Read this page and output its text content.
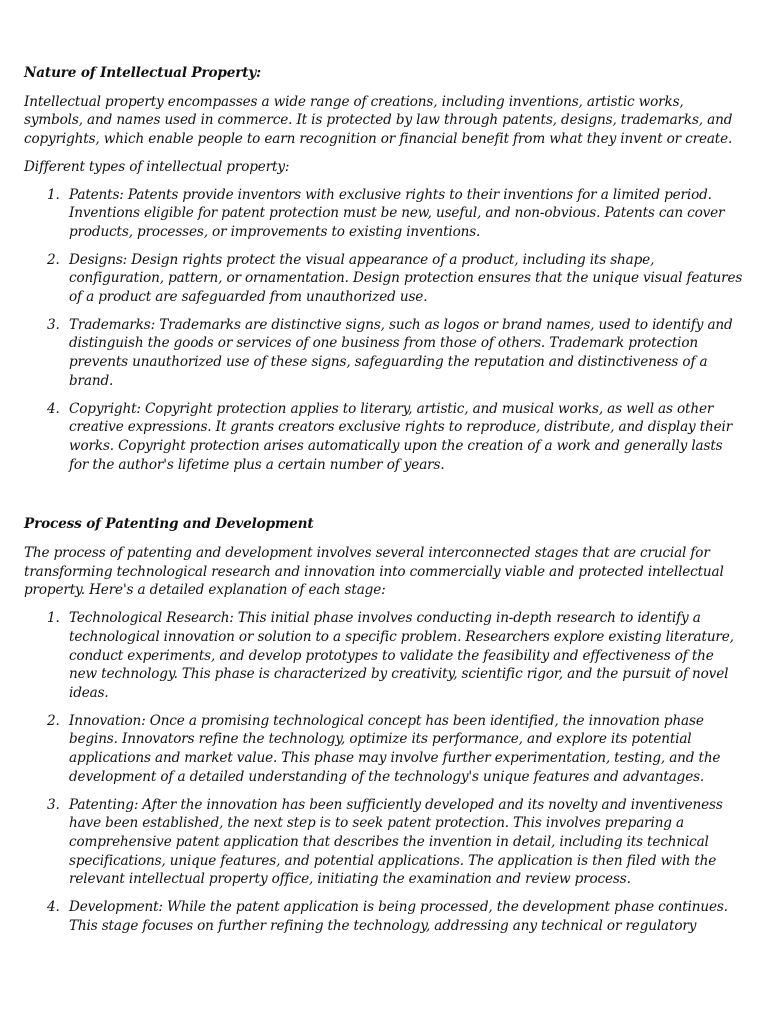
Nature of Intellectual Property:

Intellectual property encompasses a wide range of creations, including inventions, artistic works, symbols, and names used in commerce. It is protected by law through patents, designs, trademarks, and copyrights, which enable people to earn recognition or financial benefit from what they invent or create.

Different types of intellectual property:

1. Patents: Patents provide inventors with exclusive rights to their inventions for a limited period. Inventions eligible for patent protection must be new, useful, and non-obvious. Patents can cover products, processes, or improvements to existing inventions.
2. Designs: Design rights protect the visual appearance of a product, including its shape, configuration, pattern, or ornamentation. Design protection ensures that the unique visual features of a product are safeguarded from unauthorized use.
3. Trademarks: Trademarks are distinctive signs, such as logos or brand names, used to identify and distinguish the goods or services of one business from those of others. Trademark protection prevents unauthorized use of these signs, safeguarding the reputation and distinctiveness of a brand.
4. Copyright: Copyright protection applies to literary, artistic, and musical works, as well as other creative expressions. It grants creators exclusive rights to reproduce, distribute, and display their works. Copyright protection arises automatically upon the creation of a work and generally lasts for the author's lifetime plus a certain number of years.

Process of Patenting and Development

The process of patenting and development involves several interconnected stages that are crucial for transforming technological research and innovation into commercially viable and protected intellectual property. Here's a detailed explanation of each stage:

1. Technological Research: This initial phase involves conducting in-depth research to identify a technological innovation or solution to a specific problem. Researchers explore existing literature, conduct experiments, and develop prototypes to validate the feasibility and effectiveness of the new technology. This phase is characterized by creativity, scientific rigor, and the pursuit of novel ideas.
2. Innovation: Once a promising technological concept has been identified, the innovation phase begins. Innovators refine the technology, optimize its performance, and explore its potential applications and market value. This phase may involve further experimentation, testing, and the development of a detailed understanding of the technology's unique features and advantages.
3. Patenting: After the innovation has been sufficiently developed and its novelty and inventiveness have been established, the next step is to seek patent protection. This involves preparing a comprehensive patent application that describes the invention in detail, including its technical specifications, unique features, and potential applications. The application is then filed with the relevant intellectual property office, initiating the examination and review process.
4. Development: While the patent application is being processed, the development phase continues. This stage focuses on further refining the technology, addressing any technical or regulatory
